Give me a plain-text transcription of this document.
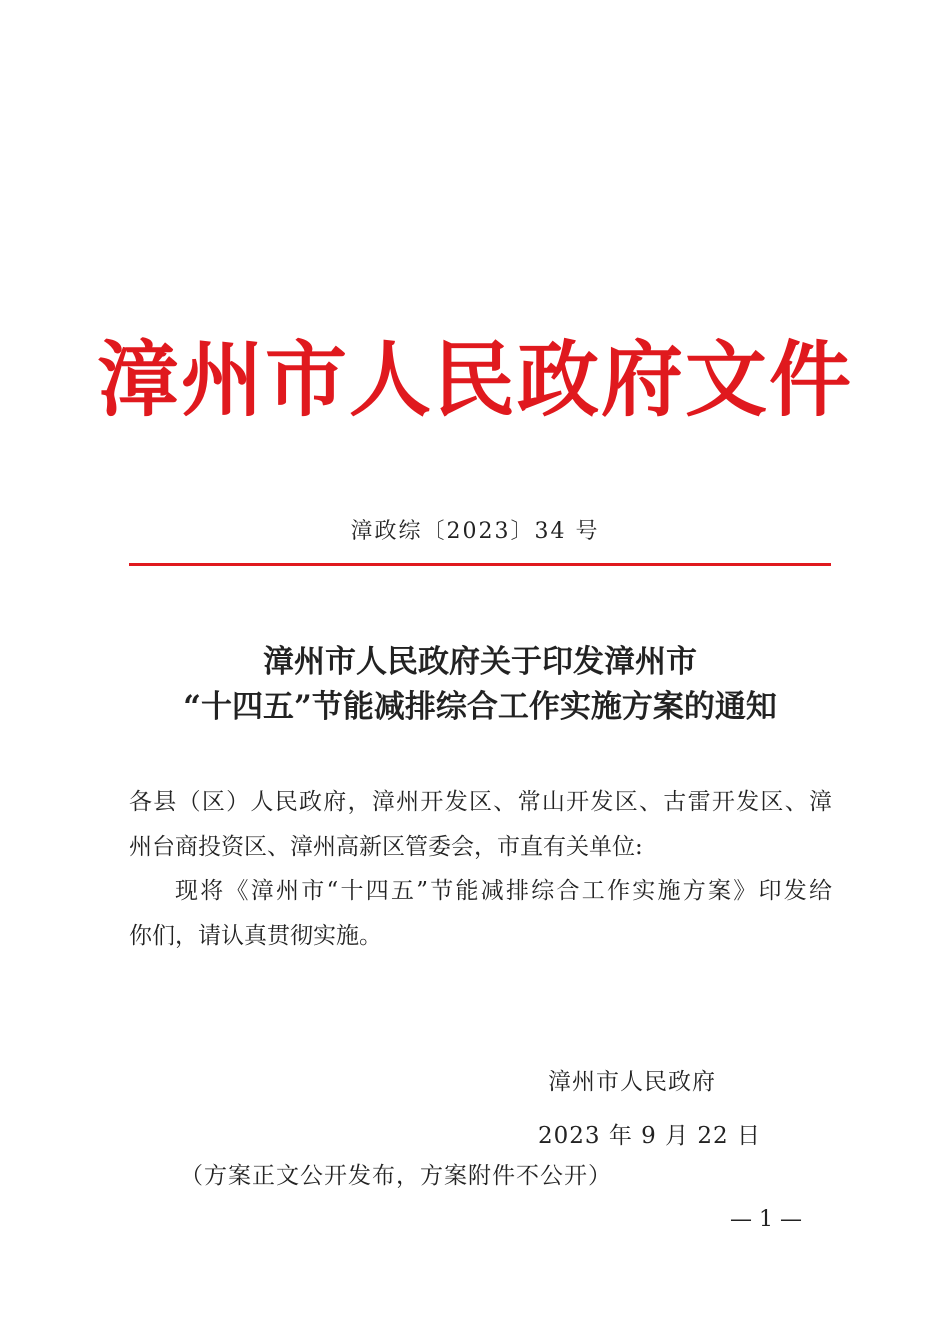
漳州市人民政府文件
漳政综〔2023〕34 号
漳州市人民政府关于印发漳州市
“十四五”节能减排综合工作实施方案的通知
各县（区）人民政府，漳州开发区、常山开发区、古雷开发区、漳
州台商投资区、漳州高新区管委会，市直有关单位:
现将《漳州市“十四五”节能减排综合工作实施方案》印发给
你们，请认真贯彻实施。
漳州市人民政府
2023 年 9 月 22 日
（方案正文公开发布，方案附件不公开）
— 1 —
